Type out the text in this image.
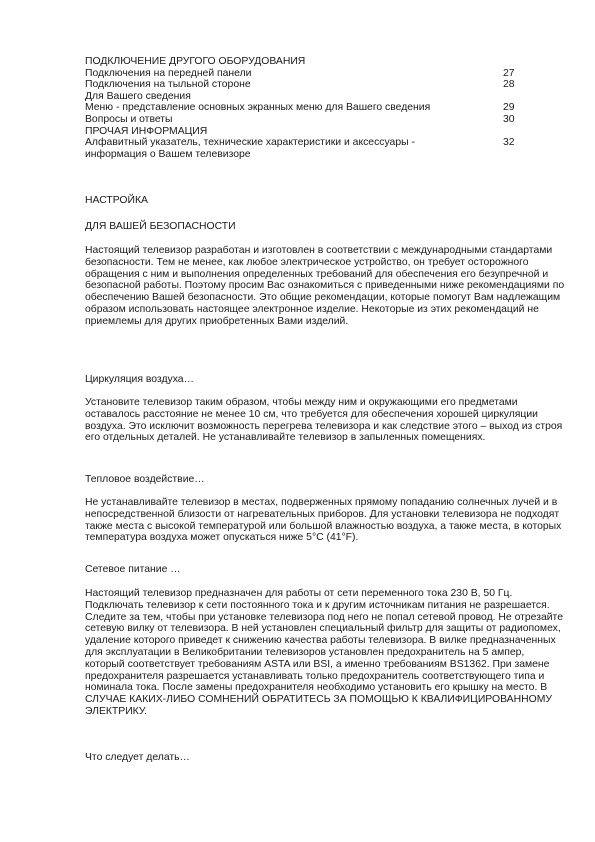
ПОДКЛЮЧЕНИЕ ДРУГОГО ОБОРУДОВАНИЯ
Подключения на передней панели	27
Подключения на тыльной стороне	28
Для Вашего сведения
Меню - представление основных экранных меню для Вашего сведения	29
Вопросы и ответы	30
ПРОЧАЯ ИНФОРМАЦИЯ
Алфавитный указатель, технические характеристики и аксессуары -	32
информация о Вашем телевизоре
НАСТРОЙКА
ДЛЯ ВАШЕЙ БЕЗОПАСНОСТИ

Настоящий телевизор разработан и изготовлен в соответствии с международными стандартами безопасности. Тем не менее, как любое электрическое устройство, он требует осторожного обращения с ним и выполнения определенных требований для обеспечения его безупречной и безопасной работы. Поэтому просим Вас ознакомиться с приведенными ниже рекомендациями по обеспечению Вашей безопасности. Это общие рекомендации, которые помогут Вам надлежащим образом использовать настоящее электронное изделие. Некоторые из этих рекомендаций не приемлемы для других приобретенных Вами изделий.

Циркуляция воздуха…

Установите телевизор таким образом, чтобы между ним и окружающими его предметами оставалось расстояние не менее 10 см, что требуется для обеспечения хорошей циркуляции воздуха. Это исключит возможность перегрева телевизора и как следствие этого – выход из строя его отдельных деталей. Не устанавливайте телевизор в запыленных помещениях.

Тепловое воздействие…

Не устанавливайте телевизор в местах, подверженных прямому попаданию солнечных лучей и в непосредственной близости от нагревательных приборов. Для установки телевизора не подходят также места с высокой температурой или большой влажностью воздуха, а также места, в которых температура воздуха может опускаться ниже 5°C (41°F).

Сетевое питание …

Настоящий телевизор предназначен для работы от сети переменного тока 230 В, 50 Гц. Подключать телевизор к сети постоянного тока и к другим источникам питания не разрешается. Следите за тем, чтобы при установке телевизора под него не попал сетевой провод. Не отрезайте сетевую вилку от телевизора. В ней установлен специальный фильтр для защиты от радиопомех, удаление которого приведет к снижению качества работы телевизора. В вилке предназначенных для эксплуатации в Великобритании телевизоров установлен предохранитель на 5 ампер, который соответствует требованиям ASTA или BSI, а именно требованиям BS1362. При замене предохранителя разрешается устанавливать только предохранитель соответствующего типа и номинала тока. После замены предохранителя необходимо установить его крышку на место. В СЛУЧАЕ КАКИХ-ЛИБО СОМНЕНИЙ ОБРАТИТЕСЬ ЗА ПОМОЩЬЮ К КВАЛИФИЦИРОВАННОМУ ЭЛЕКТРИКУ.

Что следует делать…
